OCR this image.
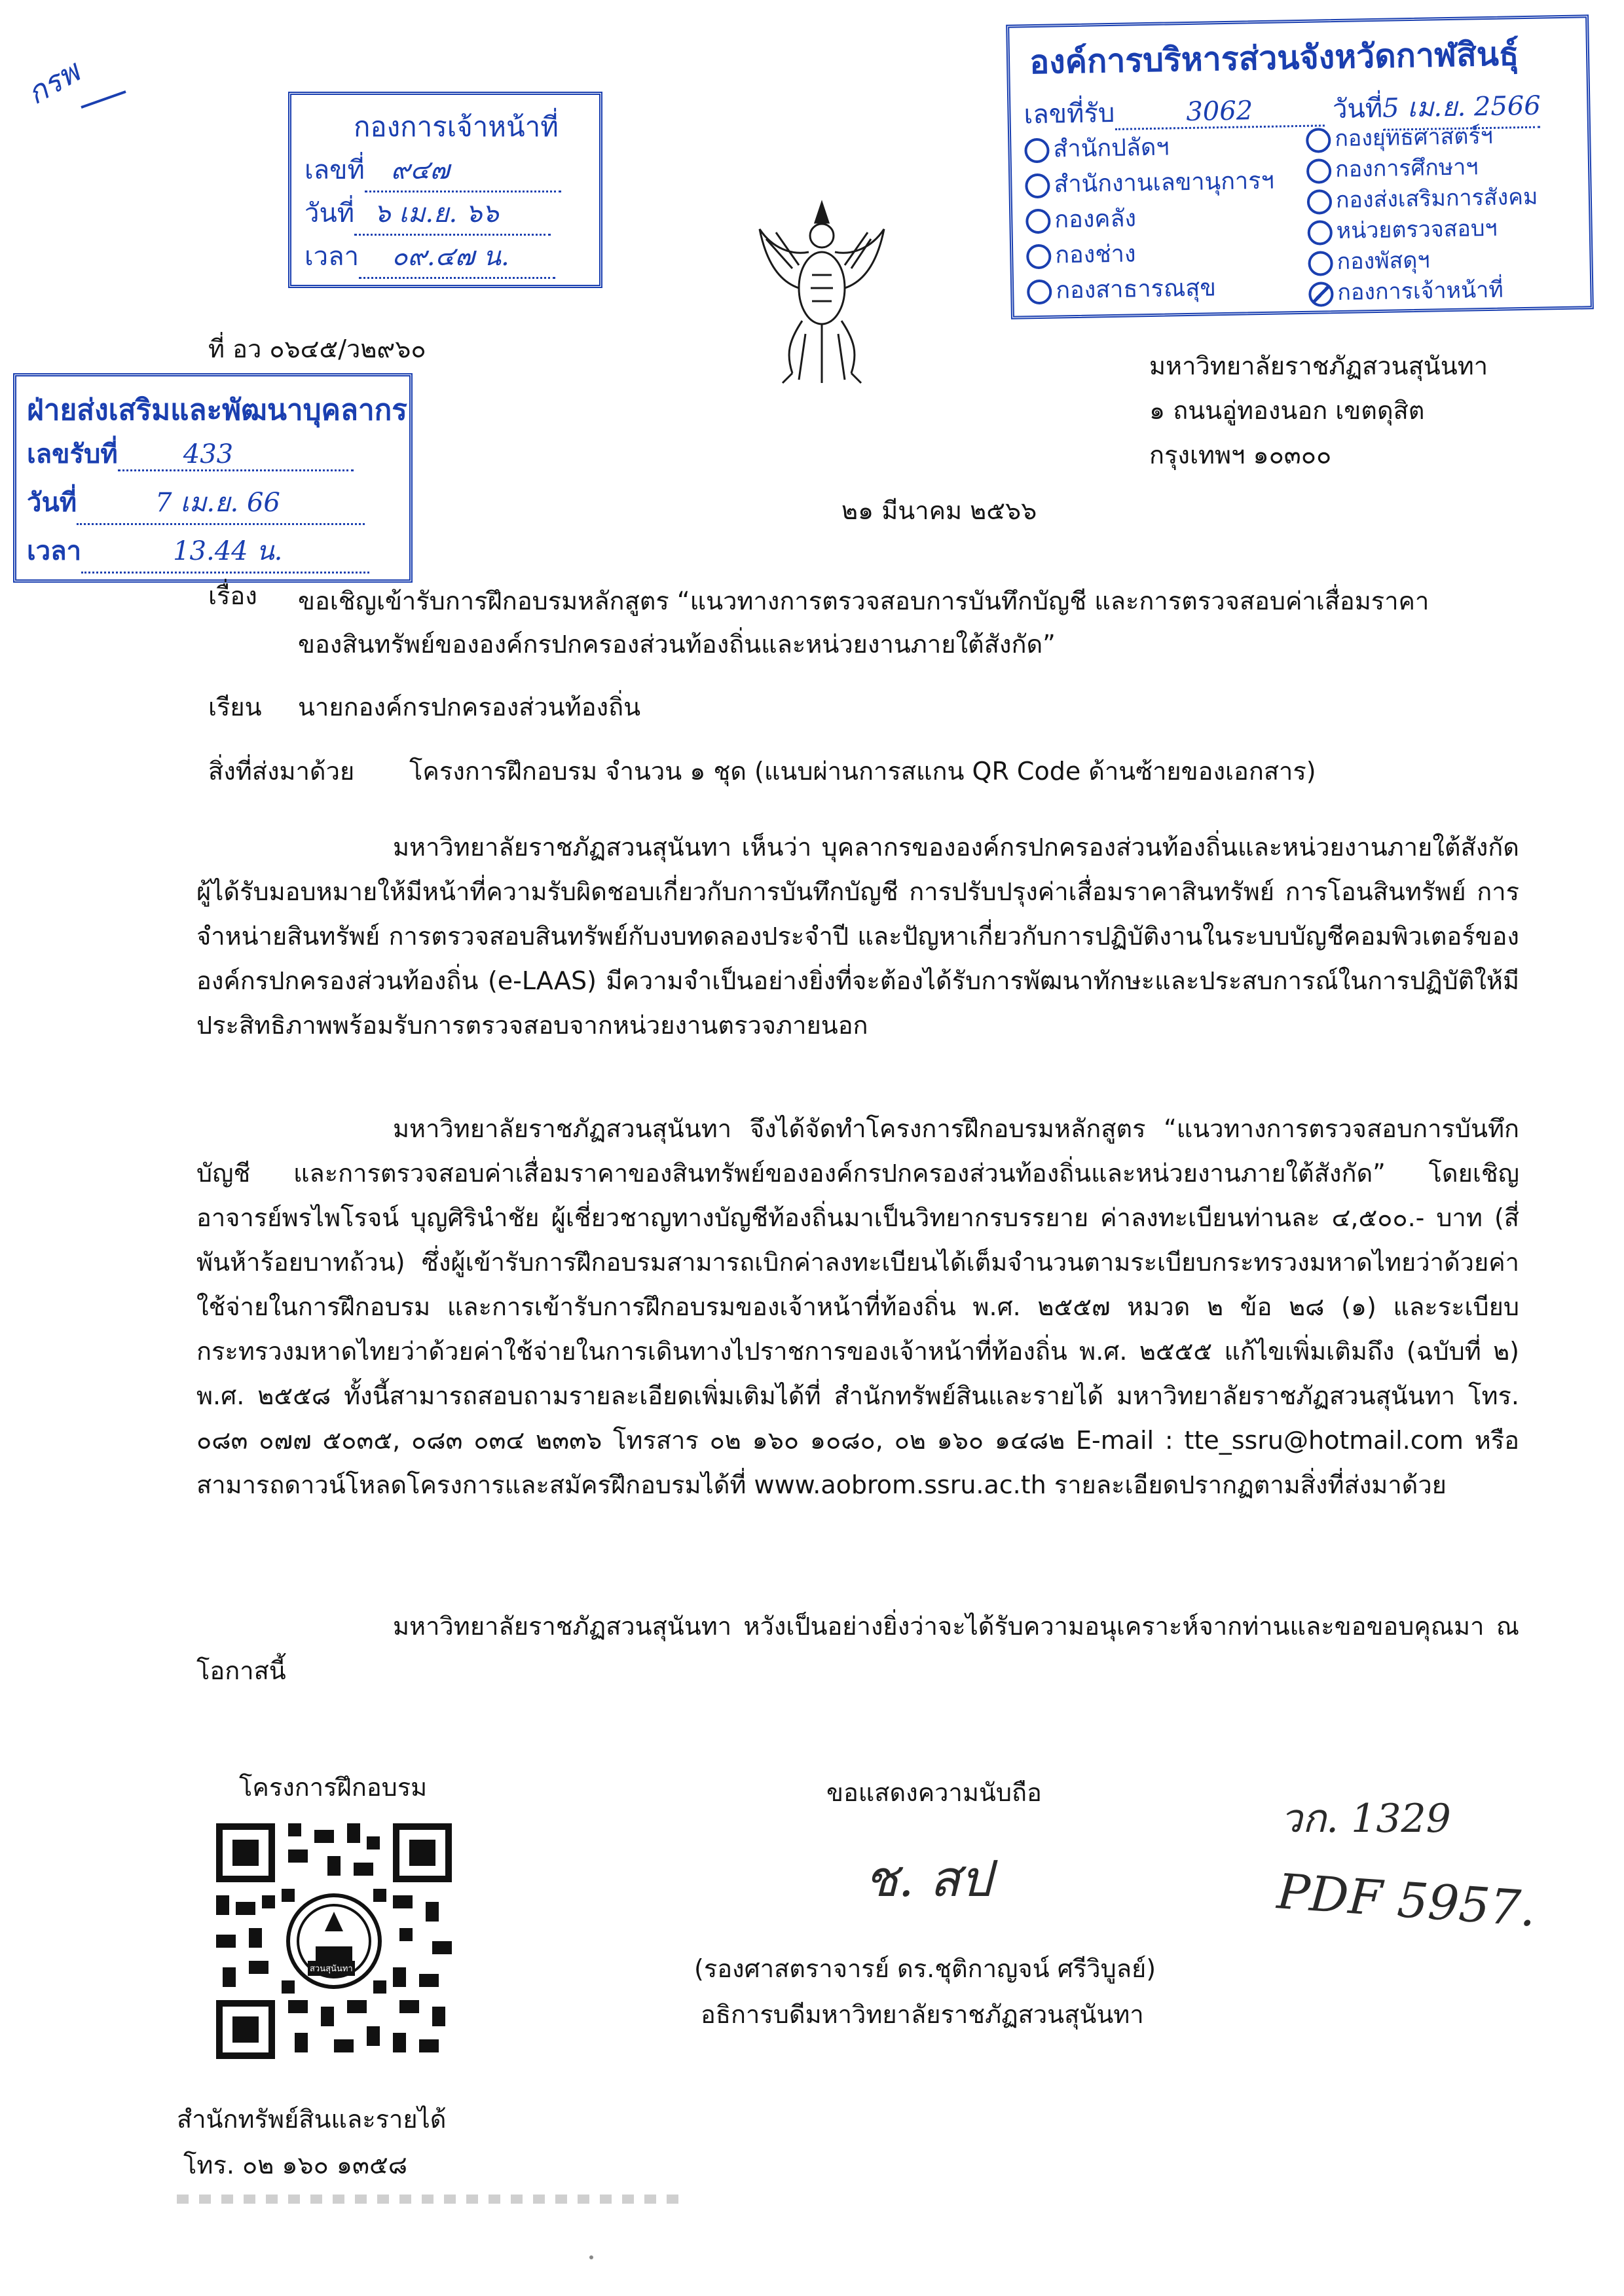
กรพ	องค์การบริหารส่วนจังหวัดกาฬสินธุ์
เลขที่รับ	3062	วันที่5 เม.ย. 2566
สำนักปลัดฯ
สำนักงานเลขานุการฯ
กองคลัง
กองช่าง
กองสาธารณสุข
กองยุทธศาสตร์ฯ
กองการศึกษาฯ
กองส่งเสริมการสังคม
หน่วยตรวจสอบฯ
กองพัสดุฯ
กองการเจ้าหน้าที่
กองการเจ้าหน้าที่
เลขที่ ๙๔๗
วันที่ ๖ เม.ย. ๖๖
เวลา ๐๙.๔๗ น.
ที่ อว ๐๖๔๕/ว๒๙๖๐
ฝ่ายส่งเสริมและพัฒนาบุคลากร
เลขรับที่	433
วันที่	7 เม.ย. 66
เวลา	13.44 น.
มหาวิทยาลัยราชภัฏสวนสุนันทา
๑ ถนนอู่ทองนอก เขตดุสิต
กรุงเทพฯ ๑๐๓๐๐
๒๑ มีนาคม ๒๕๖๖
เรื่อง ขอเชิญเข้ารับการฝึกอบรมหลักสูตร “แนวทางการตรวจสอบการบันทึกบัญชี และการตรวจสอบค่าเสื่อมราคา
ของสินทรัพย์ขององค์กรปกครองส่วนท้องถิ่นและหน่วยงานภายใต้สังกัด”
เรียน นายกองค์กรปกครองส่วนท้องถิ่น
สิ่งที่ส่งมาด้วย โครงการฝึกอบรม จำนวน ๑ ชุด (แนบผ่านการสแกน QR Code ด้านซ้ายของเอกสาร)
มหาวิทยาลัยราชภัฏสวนสุนันทา เห็นว่า บุคลากรขององค์กรปกครองส่วนท้องถิ่นและหน่วยงานภายใต้สังกัด ผู้ได้รับมอบหมายให้มีหน้าที่ความรับผิดชอบเกี่ยวกับการบันทึกบัญชี การปรับปรุงค่าเสื่อมราคาสินทรัพย์ การโอนสินทรัพย์ การจำหน่ายสินทรัพย์ การตรวจสอบสินทรัพย์กับงบทดลองประจำปี และปัญหาเกี่ยวกับการปฏิบัติงานในระบบบัญชีคอมพิวเตอร์ขององค์กรปกครองส่วนท้องถิ่น (e-LAAS) มีความจำเป็นอย่างยิ่งที่จะต้องได้รับการพัฒนาทักษะและประสบการณ์ในการปฏิบัติให้มีประสิทธิภาพพร้อมรับการตรวจสอบจากหน่วยงานตรวจภายนอก
มหาวิทยาลัยราชภัฏสวนสุนันทา จึงได้จัดทำโครงการฝึกอบรมหลักสูตร “แนวทางการตรวจสอบการบันทึกบัญชี และการตรวจสอบค่าเสื่อมราคาของสินทรัพย์ขององค์กรปกครองส่วนท้องถิ่นและหน่วยงานภายใต้สังกัด” โดยเชิญ อาจารย์พรไพโรจน์ บุญศิรินำชัย ผู้เชี่ยวชาญทางบัญชีท้องถิ่นมาเป็นวิทยากรบรรยาย ค่าลงทะเบียนท่านละ ๔,๕๐๐.- บาท (สี่พันห้าร้อยบาทถ้วน) ซึ่งผู้เข้ารับการฝึกอบรมสามารถเบิกค่าลงทะเบียนได้เต็มจำนวนตามระเบียบกระทรวงมหาดไทยว่าด้วยค่าใช้จ่ายในการฝึกอบรม และการเข้ารับการฝึกอบรมของเจ้าหน้าที่ท้องถิ่น พ.ศ. ๒๕๕๗ หมวด ๒ ข้อ ๒๘ (๑) และระเบียบกระทรวงมหาดไทยว่าด้วยค่าใช้จ่ายในการเดินทางไปราชการของเจ้าหน้าที่ท้องถิ่น พ.ศ. ๒๕๕๕ แก้ไขเพิ่มเติมถึง (ฉบับที่ ๒) พ.ศ. ๒๕๕๘ ทั้งนี้สามารถสอบถามรายละเอียดเพิ่มเติมได้ที่ สำนักทรัพย์สินและรายได้ มหาวิทยาลัยราชภัฏสวนสุนันทา โทร. ๐๘๓ ๐๗๗ ๕๐๓๕, ๐๘๓ ๐๓๔ ๒๓๓๖ โทรสาร ๐๒ ๑๖๐ ๑๐๘๐, ๐๒ ๑๖๐ ๑๔๘๒ E-mail : tte_ssru@hotmail.com หรือสามารถดาวน์โหลดโครงการและสมัครฝึกอบรมได้ที่ www.aobrom.ssru.ac.th รายละเอียดปรากฏตามสิ่งที่ส่งมาด้วย
มหาวิทยาลัยราชภัฏสวนสุนันทา หวังเป็นอย่างยิ่งว่าจะได้รับความอนุเคราะห์จากท่านและขอขอบคุณมา ณ โอกาสนี้
โครงการฝึกอบรม
สวนสุนันทา
ขอแสดงความนับถือ
ช. สป
(รองศาสตราจารย์ ดร.ชุติกาญจน์ ศรีวิบูลย์)
อธิการบดีมหาวิทยาลัยราชภัฏสวนสุนันทา
วก. 1329
PDF 5957.
สำนักทรัพย์สินและรายได้
โทร. ๐๒ ๑๖๐ ๑๓๕๘
